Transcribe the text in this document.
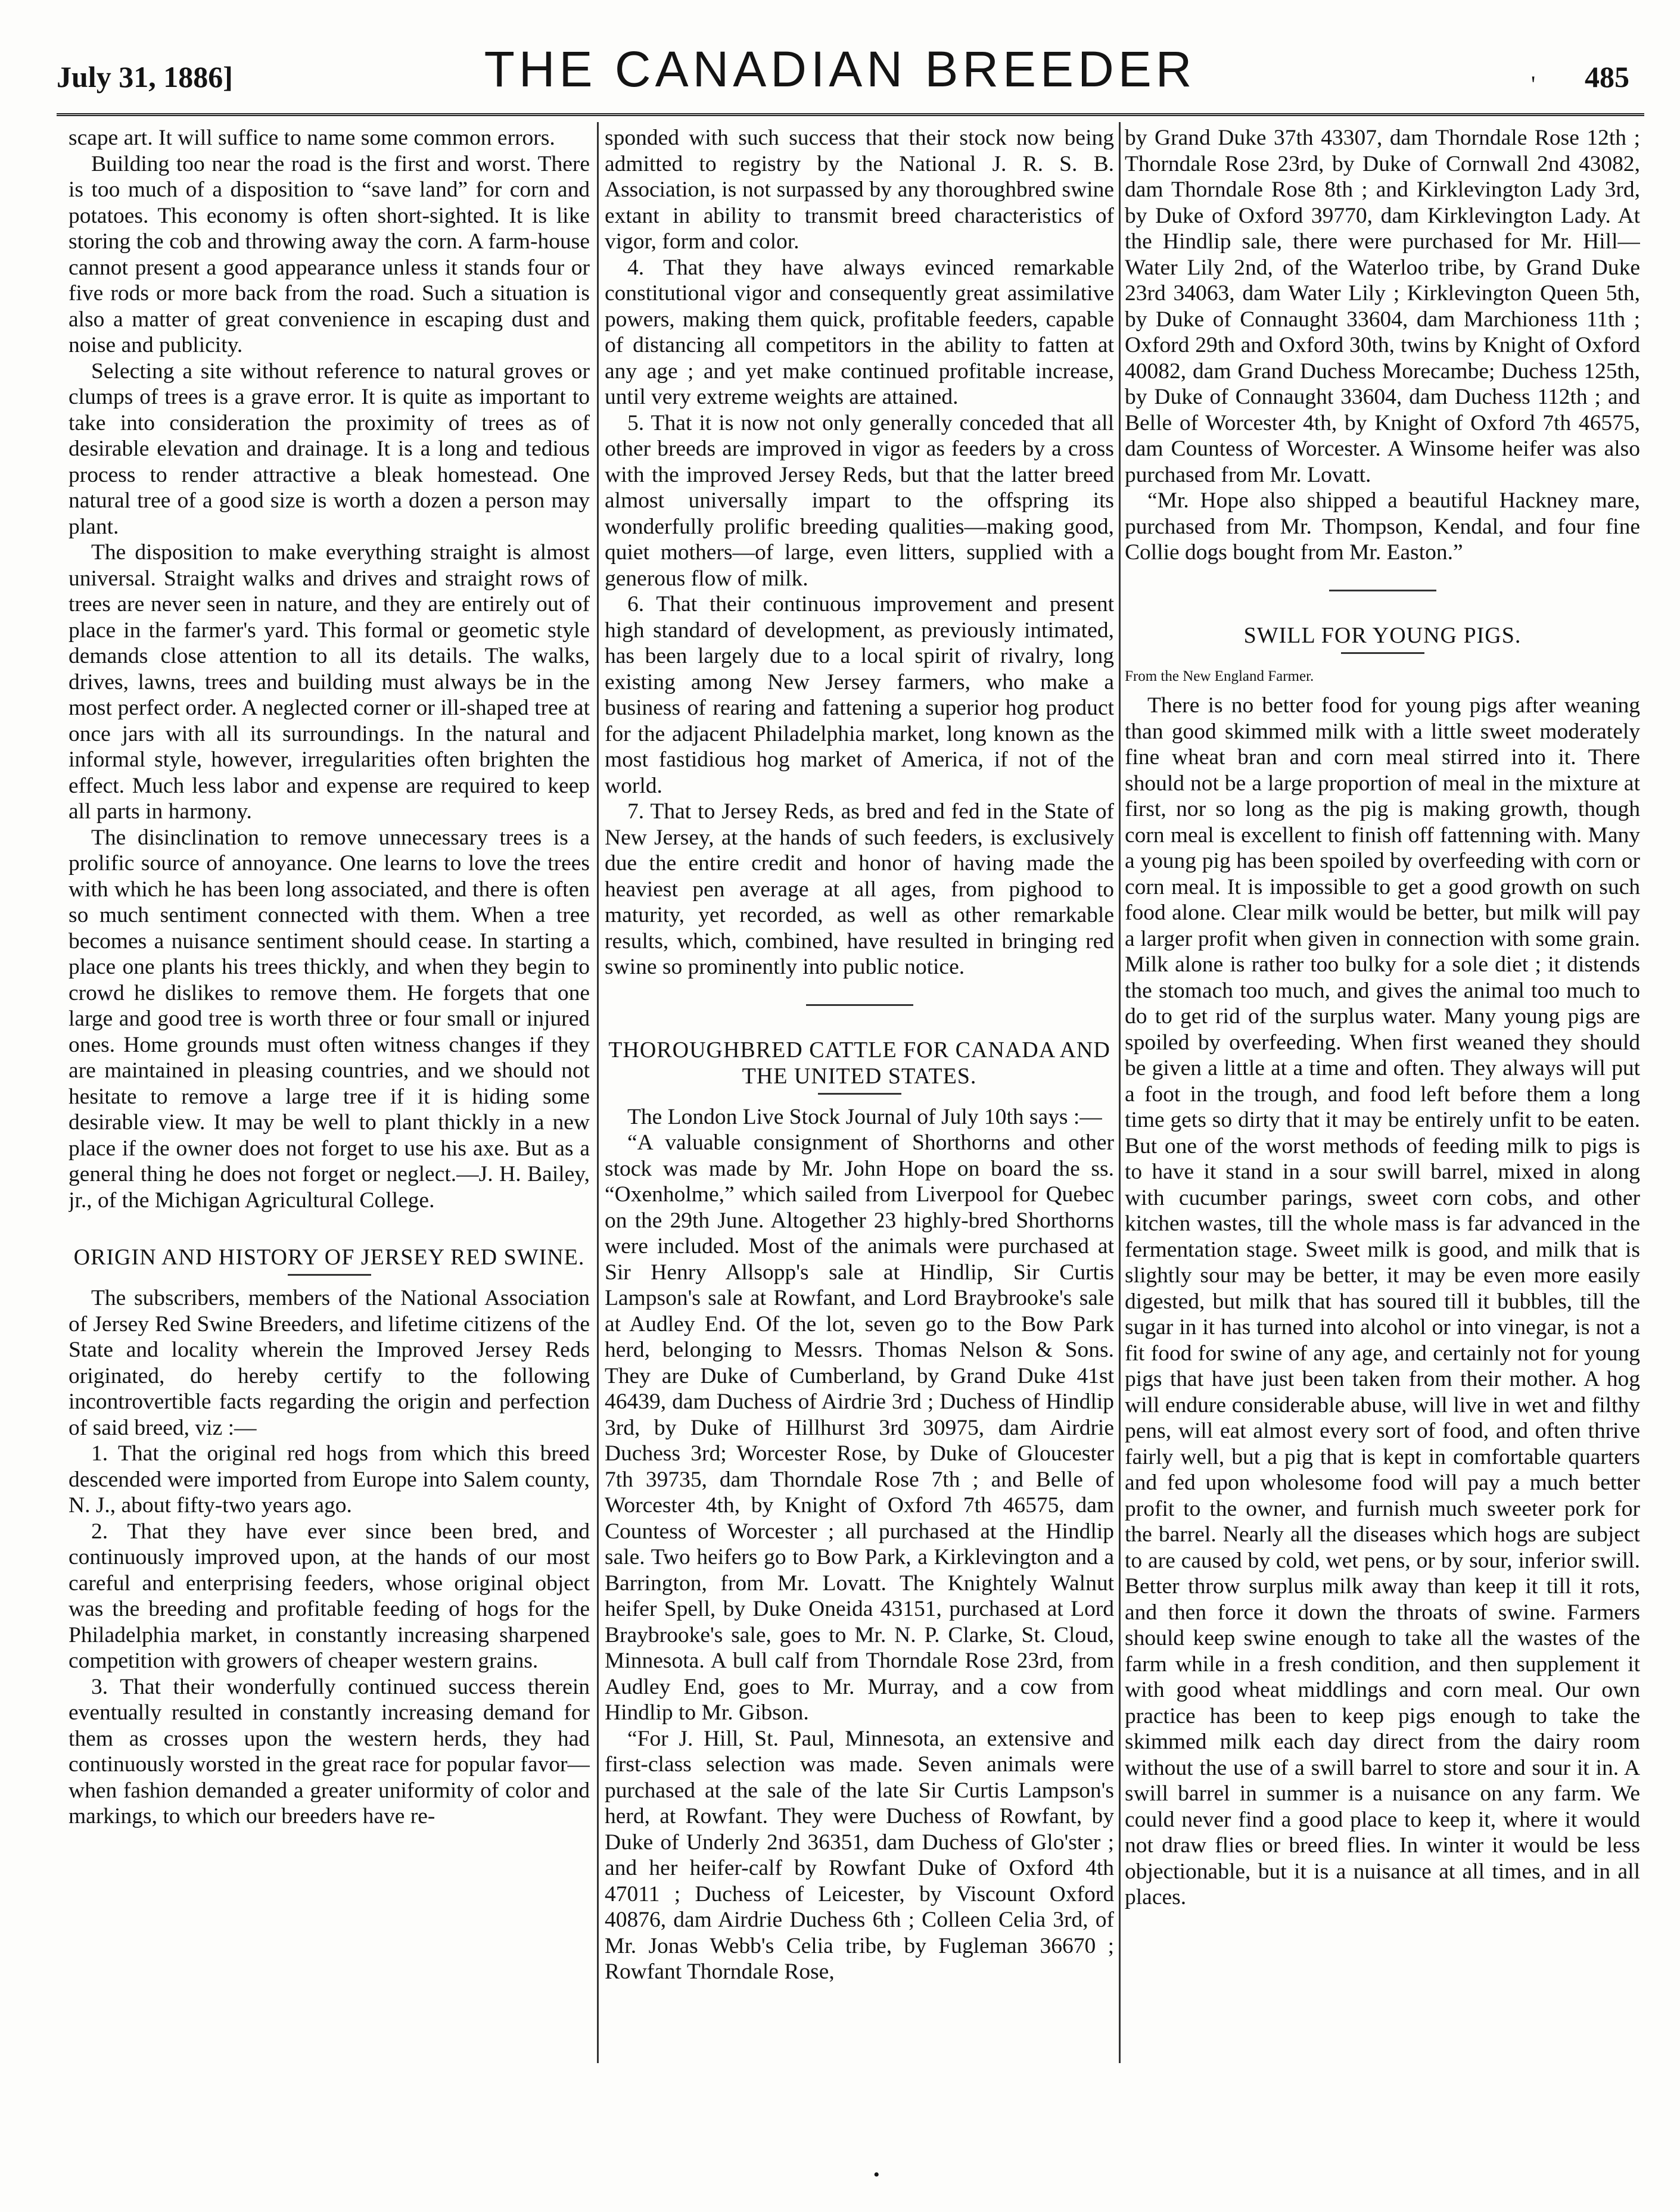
July 31, 1886]	THE CANADIAN BREEDER	' 485

scape art. It will suffice to name some common errors.

Building too near the road is the first and worst. There is too much of a disposition to “save land” for corn and potatoes. This economy is often short-sighted. It is like storing the cob and throwing away the corn. A farm-house cannot present a good appearance unless it stands four or five rods or more back from the road. Such a situation is also a matter of great convenience in escaping dust and noise and publicity.

Selecting a site without reference to natural groves or clumps of trees is a grave error. It is quite as important to take into consideration the proximity of trees as of desirable elevation and drainage. It is a long and tedious process to render attractive a bleak homestead. One natural tree of a good size is worth a dozen a person may plant.

The disposition to make everything straight is almost universal. Straight walks and drives and straight rows of trees are never seen in nature, and they are entirely out of place in the farmer's yard. This formal or geometic style demands close attention to all its details. The walks, drives, lawns, trees and building must always be in the most perfect order. A neglected corner or ill-shaped tree at once jars with all its surroundings. In the natural and informal style, however, irregularities often brighten the effect. Much less labor and expense are required to keep all parts in harmony.

The disinclination to remove unnecessary trees is a prolific source of annoyance. One learns to love the trees with which he has been long associated, and there is often so much sentiment connected with them. When a tree becomes a nuisance sentiment should cease. In starting a place one plants his trees thickly, and when they begin to crowd he dislikes to remove them. He forgets that one large and good tree is worth three or four small or injured ones. Home grounds must often witness changes if they are maintained in pleasing countries, and we should not hesitate to remove a large tree if it is hiding some desirable view. It may be well to plant thickly in a new place if the owner does not forget to use his axe. But as a general thing he does not forget or neglect.—J. H. Bailey, jr., of the Michigan Agricultural College.

ORIGIN AND HISTORY OF JERSEY RED SWINE.

The subscribers, members of the National Association of Jersey Red Swine Breeders, and lifetime citizens of the State and locality wherein the Improved Jersey Reds originated, do hereby certify to the following incontrovertible facts regarding the origin and perfection of said breed, viz :—

1. That the original red hogs from which this breed descended were imported from Europe into Salem county, N. J., about fifty-two years ago.

2. That they have ever since been bred, and continuously improved upon, at the hands of our most careful and enterprising feeders, whose original object was the breeding and profitable feeding of hogs for the Philadelphia market, in constantly increasing sharpened competition with growers of cheaper western grains.

3. That their wonderfully continued success therein eventually resulted in constantly increasing demand for them as crosses upon the western herds, they had continuously worsted in the great race for popular favor—when fashion demanded a greater uniformity of color and markings, to which our breeders have re-

sponded with such success that their stock now being admitted to registry by the National J. R. S. B. Association, is not surpassed by any thoroughbred swine extant in ability to transmit breed characteristics of vigor, form and color.

4. That they have always evinced remarkable constitutional vigor and consequently great assimilative powers, making them quick, profitable feeders, capable of distancing all competitors in the ability to fatten at any age ; and yet make continued profitable increase, until very extreme weights are attained.

5. That it is now not only generally conceded that all other breeds are improved in vigor as feeders by a cross with the improved Jersey Reds, but that the latter breed almost universally impart to the offspring its wonderfully prolific breeding qualities—making good, quiet mothers—of large, even litters, supplied with a generous flow of milk.

6. That their continuous improvement and present high standard of development, as previously intimated, has been largely due to a local spirit of rivalry, long existing among New Jersey farmers, who make a business of rearing and fattening a superior hog product for the adjacent Philadelphia market, long known as the most fastidious hog market of America, if not of the world.

7. That to Jersey Reds, as bred and fed in the State of New Jersey, at the hands of such feeders, is exclusively due the entire credit and honor of having made the heaviest pen average at all ages, from pighood to maturity, yet recorded, as well as other remarkable results, which, combined, have resulted in bringing red swine so prominently into public notice.

THOROUGHBRED CATTLE FOR CANADA AND THE UNITED STATES.

The London Live Stock Journal of July 10th says :—

“A valuable consignment of Shorthorns and other stock was made by Mr. John Hope on board the ss. “Oxenholme,” which sailed from Liverpool for Quebec on the 29th June. Altogether 23 highly-bred Shorthorns were included. Most of the animals were purchased at Sir Henry Allsopp's sale at Hindlip, Sir Curtis Lampson's sale at Rowfant, and Lord Braybrooke's sale at Audley End. Of the lot, seven go to the Bow Park herd, belonging to Messrs. Thomas Nelson & Sons. They are Duke of Cumberland, by Grand Duke 41st 46439, dam Duchess of Airdrie 3rd ; Duchess of Hindlip 3rd, by Duke of Hillhurst 3rd 30975, dam Airdrie Duchess 3rd; Worcester Rose, by Duke of Gloucester 7th 39735, dam Thorndale Rose 7th ; and Belle of Worcester 4th, by Knight of Oxford 7th 46575, dam Countess of Worcester ; all purchased at the Hindlip sale. Two heifers go to Bow Park, a Kirklevington and a Barrington, from Mr. Lovatt. The Knightely Walnut heifer Spell, by Duke Oneida 43151, purchased at Lord Braybrooke's sale, goes to Mr. N. P. Clarke, St. Cloud, Minnesota. A bull calf from Thorndale Rose 23rd, from Audley End, goes to Mr. Murray, and a cow from Hindlip to Mr. Gibson.

“For J. Hill, St. Paul, Minnesota, an extensive and first-class selection was made. Seven animals were purchased at the sale of the late Sir Curtis Lampson's herd, at Rowfant. They were Duchess of Rowfant, by Duke of Underly 2nd 36351, dam Duchess of Glo'ster ; and her heifer-calf by Rowfant Duke of Oxford 4th 47011 ; Duchess of Leicester, by Viscount Oxford 40876, dam Airdrie Duchess 6th ; Colleen Celia 3rd, of Mr. Jonas Webb's Celia tribe, by Fugleman 36670 ; Rowfant Thorndale Rose,

by Grand Duke 37th 43307, dam Thorndale Rose 12th ; Thorndale Rose 23rd, by Duke of Cornwall 2nd 43082, dam Thorndale Rose 8th ; and Kirklevington Lady 3rd, by Duke of Oxford 39770, dam Kirklevington Lady. At the Hindlip sale, there were purchased for Mr. Hill—Water Lily 2nd, of the Waterloo tribe, by Grand Duke 23rd 34063, dam Water Lily ; Kirklevington Queen 5th, by Duke of Connaught 33604, dam Marchioness 11th ; Oxford 29th and Oxford 30th, twins by Knight of Oxford 40082, dam Grand Duchess Morecambe; Duchess 125th, by Duke of Connaught 33604, dam Duchess 112th ; and Belle of Worcester 4th, by Knight of Oxford 7th 46575, dam Countess of Worcester. A Winsome heifer was also purchased from Mr. Lovatt.

“Mr. Hope also shipped a beautiful Hackney mare, purchased from Mr. Thompson, Kendal, and four fine Collie dogs bought from Mr. Easton.”

SWILL FOR YOUNG PIGS.

From the New England Farmer.

There is no better food for young pigs after weaning than good skimmed milk with a little sweet moderately fine wheat bran and corn meal stirred into it. There should not be a large proportion of meal in the mixture at first, nor so long as the pig is making growth, though corn meal is excellent to finish off fattenning with. Many a young pig has been spoiled by overfeeding with corn or corn meal. It is impossible to get a good growth on such food alone. Clear milk would be better, but milk will pay a larger profit when given in connection with some grain. Milk alone is rather too bulky for a sole diet ; it distends the stomach too much, and gives the animal too much to do to get rid of the surplus water. Many young pigs are spoiled by overfeeding. When first weaned they should be given a little at a time and often. They always will put a foot in the trough, and food left before them a long time gets so dirty that it may be entirely unfit to be eaten. But one of the worst methods of feeding milk to pigs is to have it stand in a sour swill barrel, mixed in along with cucumber parings, sweet corn cobs, and other kitchen wastes, till the whole mass is far advanced in the fermentation stage. Sweet milk is good, and milk that is slightly sour may be better, it may be even more easily digested, but milk that has soured till it bubbles, till the sugar in it has turned into alcohol or into vinegar, is not a fit food for swine of any age, and certainly not for young pigs that have just been taken from their mother. A hog will endure considerable abuse, will live in wet and filthy pens, will eat almost every sort of food, and often thrive fairly well, but a pig that is kept in comfortable quarters and fed upon wholesome food will pay a much better profit to the owner, and furnish much sweeter pork for the barrel. Nearly all the diseases which hogs are subject to are caused by cold, wet pens, or by sour, inferior swill. Better throw surplus milk away than keep it till it rots, and then force it down the throats of swine. Farmers should keep swine enough to take all the wastes of the farm while in a fresh condition, and then supplement it with good wheat middlings and corn meal. Our own practice has been to keep pigs enough to take the skimmed milk each day direct from the dairy room without the use of a swill barrel to store and sour it in. A swill barrel in summer is a nuisance on any farm. We could never find a good place to keep it, where it would not draw flies or breed flies. In winter it would be less objectionable, but it is a nuisance at all times, and in all places.

•
